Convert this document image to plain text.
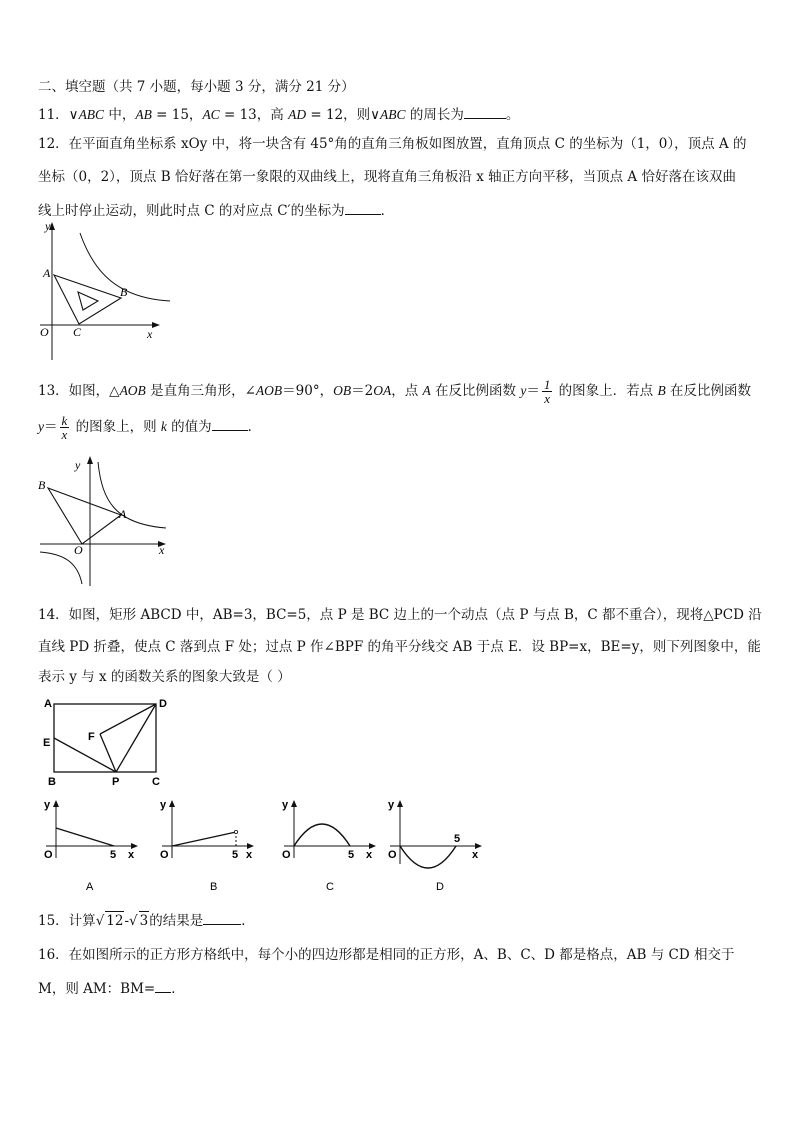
二、填空题（共 7 小题，每小题 3 分，满分 21 分）
11．∨ABC 中，AB = 15，AC = 13，高 AD = 12，则∨ABC 的周长为	。
12．在平面直角坐标系 xOy 中，将一块含有 45°角的直角三角板如图放置，直角顶点 C 的坐标为（1，0），顶点 A 的
坐标（0，2），顶点 B 恰好落在第一象限的双曲线上，现将直角三角板沿 x 轴正方向平移，当顶点 A 恰好落在该双曲
线上时停止运动，则此时点 C 的对应点 C′的坐标为	．
y
x
A
B
O C
13．如图，△AOB 是直角三角形，∠AOB＝90°，OB＝2OA，点 A 在反比例函数 $y= \frac{1}{x}$ 的图象上．若点 B 在反比例函数
$y= \frac{k}{x}$ 的图象上，则 k 的值为	．
y
x
B
A
O
14．如图，矩形 ABCD 中，AB=3，BC=5，点 P 是 BC 边上的一个动点（点 P 与点 B，C 都不重合），现将△PCD 沿
直线 PD 折叠，使点 C 落到点 F 处；过点 P 作∠BPF 的角平分线交 AB 于点 E．设 BP=x，BE=y，则下列图象中，能
表示 y 与 x 的函数关系的图象大致是（ ）
A	D
E	F
B	P	C
y
O	5 x
A
y
O	5 x
B
y
O	5 x
C
y
O
5
x
D
15．计算√ 12-√ 3的结果是	．
16．在如图所示的正方形方格纸中，每个小的四边形都是相同的正方形，A、B、C、D 都是格点，AB 与 CD 相交于
M，则 AM：BM= ．
